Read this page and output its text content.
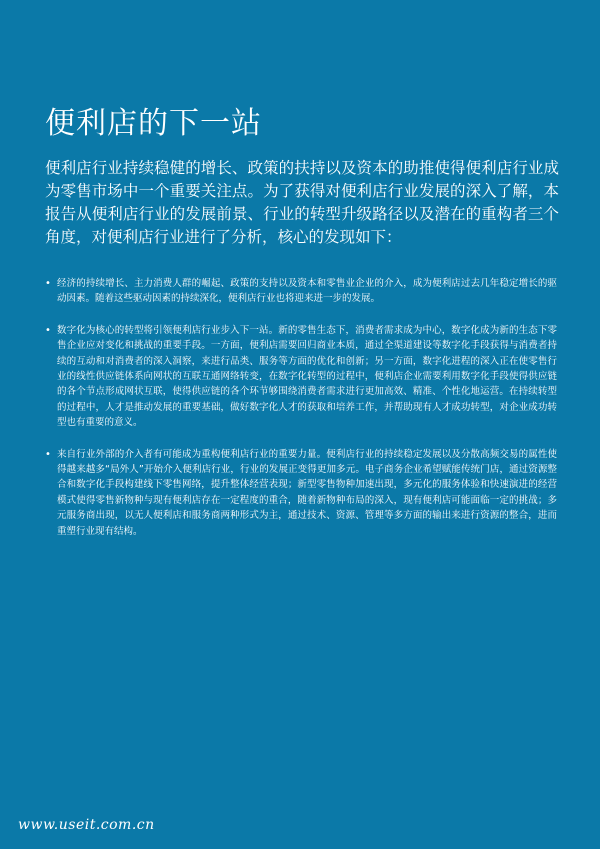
便利店的下一站

便利店行业持续稳健的增长、政策的扶持以及资本的助推使得便利店行业成为零售市场中一个重要关注点。为了获得对便利店行业发展的深入了解，本报告从便利店行业的发展前景、行业的转型升级路径以及潜在的重构者三个角度，对便利店行业进行了分析，核心的发现如下：

• 经济的持续增长、主力消费人群的崛起、政策的支持以及资本和零售业企业的介入，成为便利店过去几年稳定增长的驱动因素。随着这些驱动因素的持续深化，便利店行业也将迎来进一步的发展。
• 数字化为核心的转型将引领便利店行业步入下一站。新的零售生态下，消费者需求成为中心，数字化成为新的生态下零售企业应对变化和挑战的重要手段。一方面，便利店需要回归商业本质，通过全渠道建设等数字化手段获得与消费者持续的互动和对消费者的深入洞察，来进行品类、服务等方面的优化和创新；另一方面，数字化进程的深入正在使零售行业的线性供应链体系向网状的互联互通网络转变，在数字化转型的过程中，便利店企业需要利用数字化手段使得供应链的各个节点形成网状互联，使得供应链的各个环节够围绕消费者需求进行更加高效、精准、个性化地运营。在持续转型的过程中，人才是推动发展的重要基础，做好数字化人才的获取和培养工作，并帮助现有人才成功转型，对企业成功转型也有重要的意义。
• 来自行业外部的介入者有可能成为重构便利店行业的重要力量。便利店行业的持续稳定发展以及分散高频交易的属性使得越来越多“局外人”开始介入便利店行业，行业的发展正变得更加多元。电子商务企业希望赋能传统门店，通过资源整合和数字化手段构建线下零售网络，提升整体经营表现；新型零售物种加速出现，多元化的服务体验和快速演进的经营模式使得零售新物种与现有便利店存在一定程度的重合，随着新物种布局的深入，现有便利店可能面临一定的挑战；多元服务商出现，以无人便利店和服务商两种形式为主，通过技术、资源、管理等多方面的输出来进行资源的整合，进而重塑行业现有结构。
www.useit.com.cn
